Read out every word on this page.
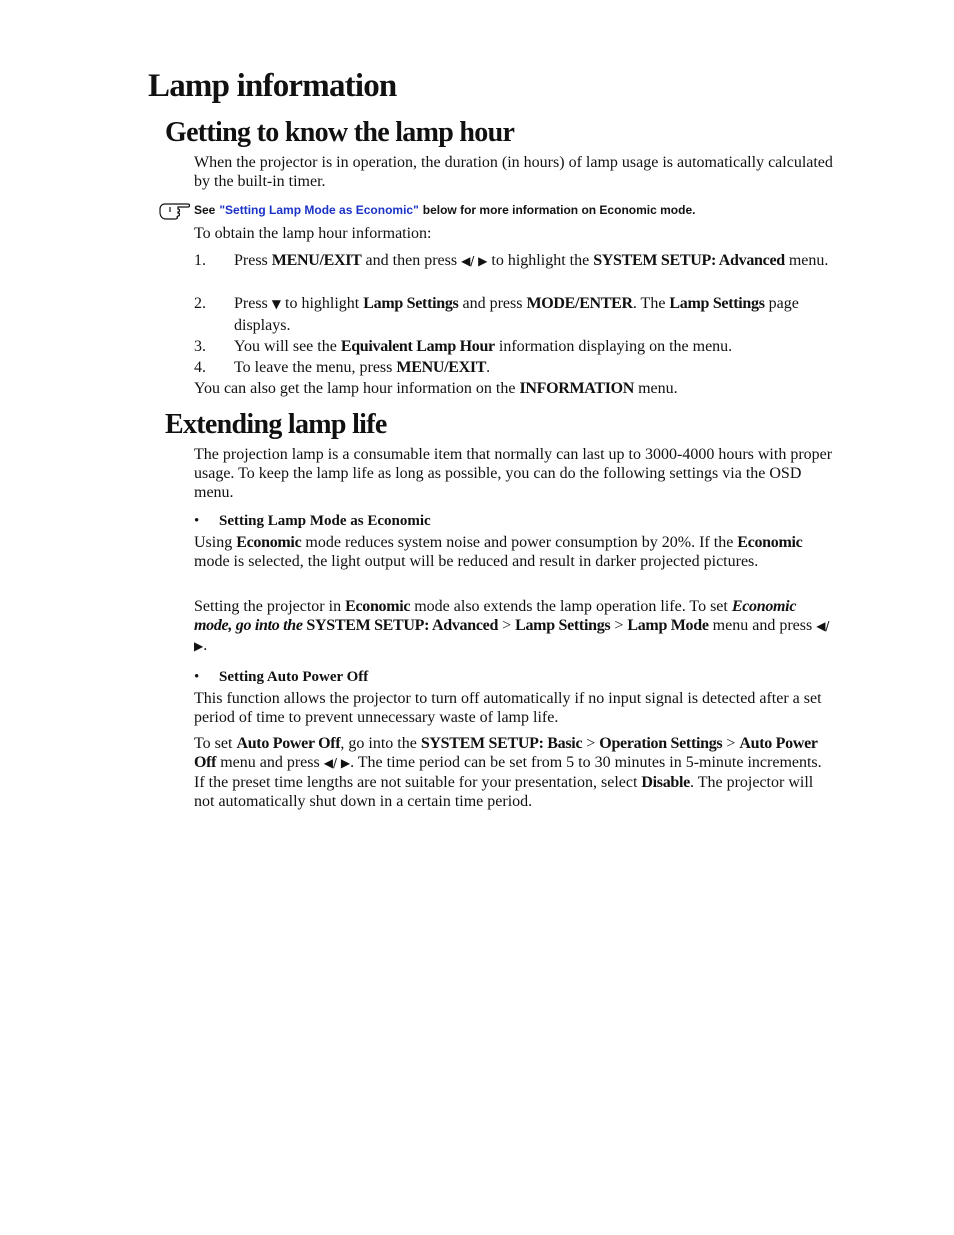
Lamp information
Getting to know the lamp hour

When the projector is in operation, the duration (in hours) of lamp usage is automatically calculated by the built-in timer.

See "Setting Lamp Mode as Economic" below for more information on Economic mode.

To obtain the lamp hour information:

1.	Press MENU/EXIT and then press ◀/ ▶ to highlight the SYSTEM SETUP: Advanced menu.
2.	Press ▼ to highlight Lamp Settings and press MODE/ENTER. The Lamp Settings page displays.
3.	You will see the Equivalent Lamp Hour information displaying on the menu.
4.	To leave the menu, press MENU/EXIT.

You can also get the lamp hour information on the INFORMATION menu.

Extending lamp life

The projection lamp is a consumable item that normally can last up to 3000-4000 hours with proper usage. To keep the lamp life as long as possible, you can do the following settings via the OSD menu.

• Setting Lamp Mode as Economic

Using Economic mode reduces system noise and power consumption by 20%. If the Economic mode is selected, the light output will be reduced and result in darker projected pictures.

Setting the projector in Economic mode also extends the lamp operation life. To set Economic mode, go into the SYSTEM SETUP: Advanced > Lamp Settings > Lamp Mode menu and press ◀/ ▶.

• Setting Auto Power Off

This function allows the projector to turn off automatically if no input signal is detected after a set period of time to prevent unnecessary waste of lamp life.

To set Auto Power Off, go into the SYSTEM SETUP: Basic > Operation Settings > Auto Power Off menu and press ◀/ ▶. The time period can be set from 5 to 30 minutes in 5-minute increments. If the preset time lengths are not suitable for your presentation, select Disable. The projector will not automatically shut down in a certain time period.
